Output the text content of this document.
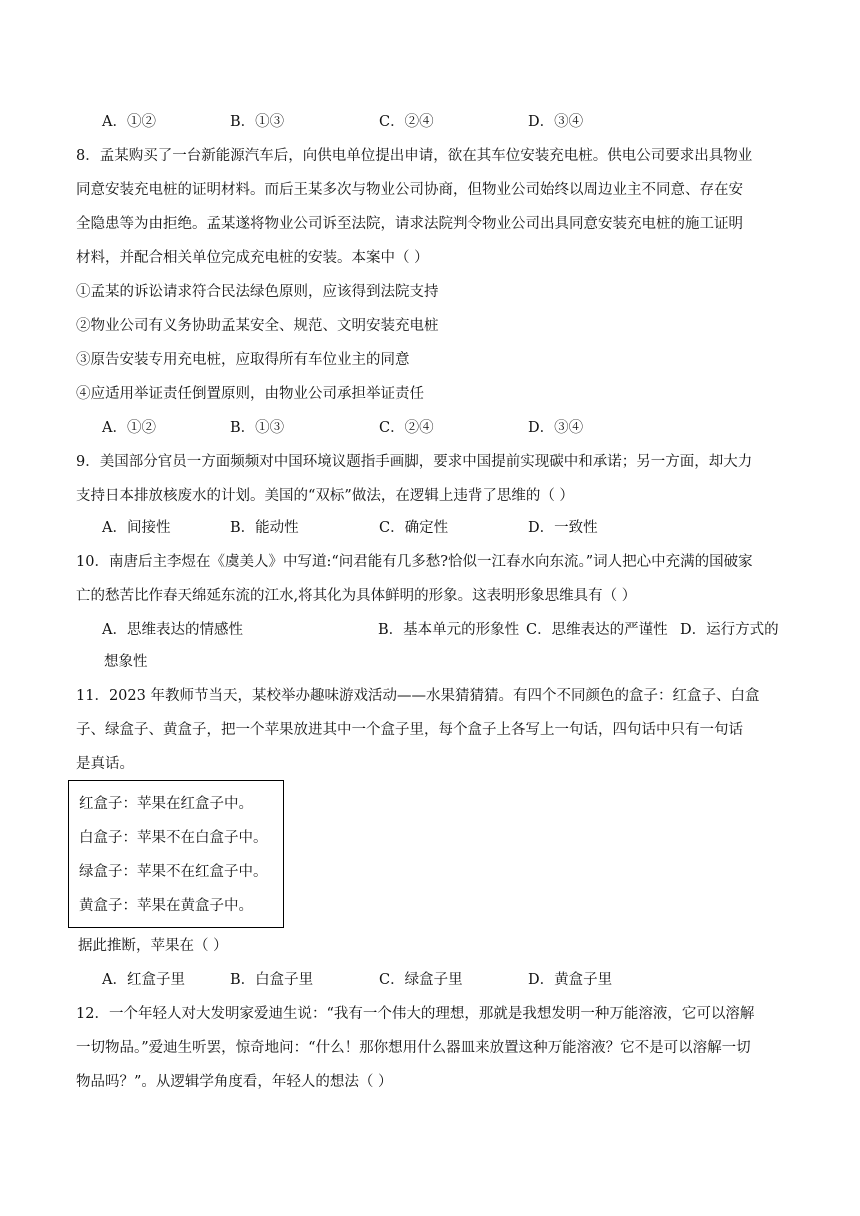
A．①②	B．①③	C．②④	D．③④
8．孟某购买了一台新能源汽车后，向供电单位提出申请，欲在其车位安装充电桩。供电公司要求出具物业
同意安装充电桩的证明材料。而后王某多次与物业公司协商，但物业公司始终以周边业主不同意、存在安
全隐患等为由拒绝。孟某遂将物业公司诉至法院，请求法院判令物业公司出具同意安装充电桩的施工证明
材料，并配合相关单位完成充电桩的安装。本案中（ ）
①孟某的诉讼请求符合民法绿色原则，应该得到法院支持
②物业公司有义务协助孟某安全、规范、文明安装充电桩
③原告安装专用充电桩，应取得所有车位业主的同意
④应适用举证责任倒置原则，由物业公司承担举证责任
A．①②	B．①③	C．②④	D．③④
9．美国部分官员一方面频频对中国环境议题指手画脚，要求中国提前实现碳中和承诺；另一方面，却大力
支持日本排放核废水的计划。美国的“双标”做法，在逻辑上违背了思维的（ ）
A．间接性	B．能动性	C．确定性	D．一致性
10．南唐后主李煜在《虞美人》中写道:“问君能有几多愁?恰似一江春水向东流。”词人把心中充满的国破家
亡的愁苦比作春天绵延东流的江水,将其化为具体鲜明的形象。这表明形象思维具有（ ）
A．思维表达的情感性	B．基本单元的形象性 C．思维表达的严谨性 D．运行方式的
想象性
11．2023 年教师节当天，某校举办趣味游戏活动——水果猜猜猜。有四个不同颜色的盒子：红盒子、白盒
子、绿盒子、黄盒子，把一个苹果放进其中一个盒子里，每个盒子上各写上一句话，四句话中只有一句话
是真话。
红盒子：苹果在红盒子中。
白盒子：苹果不在白盒子中。
绿盒子：苹果不在红盒子中。
黄盒子：苹果在黄盒子中。
据此推断，苹果在（ ）
A．红盒子里	B．白盒子里	C．绿盒子里	D．黄盒子里
12．一个年轻人对大发明家爱迪生说：“我有一个伟大的理想，那就是我想发明一种万能溶液，它可以溶解
一切物品。”爱迪生听罢，惊奇地问：“什么！那你想用什么器皿来放置这种万能溶液？它不是可以溶解一切
物品吗？”。从逻辑学角度看，年轻人的想法（ ）
